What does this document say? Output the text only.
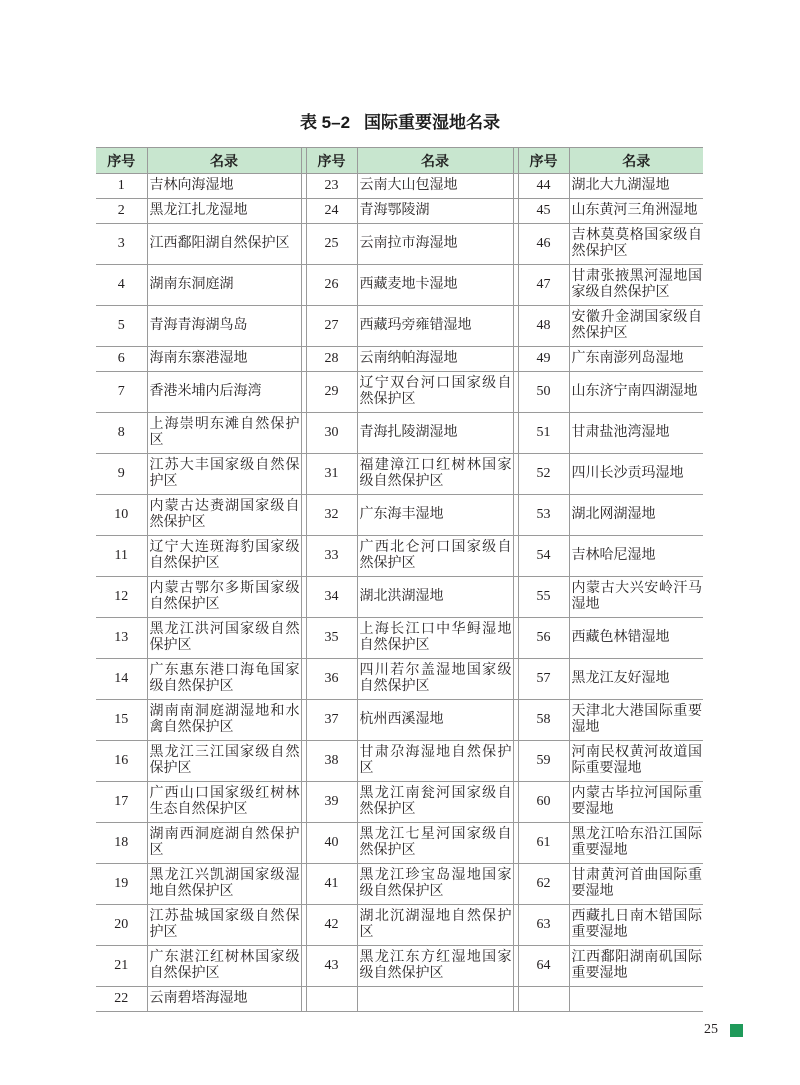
表 5–2 国际重要湿地名录
序号	名录		序号	名录		序号	名录
1	吉林向海湿地		23	云南大山包湿地		44	湖北大九湖湿地
2	黑龙江扎龙湿地		24	青海鄂陵湖		45	山东黄河三角洲湿地
3	江西鄱阳湖自然保护区		25	云南拉市海湿地		46	吉林莫莫格国家级自然保护区
4	湖南东洞庭湖		26	西藏麦地卡湿地		47	甘肃张掖黑河湿地国家级自然保护区
5	青海青海湖鸟岛		27	西藏玛旁雍错湿地		48	安徽升金湖国家级自然保护区
6	海南东寨港湿地		28	云南纳帕海湿地		49	广东南澎列岛湿地
7	香港米埔内后海湾		29	辽宁双台河口国家级自然保护区		50	山东济宁南四湖湿地
8	上海崇明东滩自然保护区		30	青海扎陵湖湿地		51	甘肃盐池湾湿地
9	江苏大丰国家级自然保护区		31	福建漳江口红树林国家级自然保护区		52	四川长沙贡玛湿地
10	内蒙古达赉湖国家级自然保护区		32	广东海丰湿地		53	湖北网湖湿地
11	辽宁大连斑海豹国家级自然保护区		33	广西北仑河口国家级自然保护区		54	吉林哈尼湿地
12	内蒙古鄂尔多斯国家级自然保护区		34	湖北洪湖湿地		55	内蒙古大兴安岭汗马湿地
13	黑龙江洪河国家级自然保护区		35	上海长江口中华鲟湿地自然保护区		56	西藏色林错湿地
14	广东惠东港口海龟国家级自然保护区		36	四川若尔盖湿地国家级自然保护区		57	黑龙江友好湿地
15	湖南南洞庭湖湿地和水禽自然保护区		37	杭州西溪湿地		58	天津北大港国际重要湿地
16	黑龙江三江国家级自然保护区		38	甘肃尕海湿地自然保护区		59	河南民权黄河故道国际重要湿地
17	广西山口国家级红树林生态自然保护区		39	黑龙江南瓮河国家级自然保护区		60	内蒙古毕拉河国际重要湿地
18	湖南西洞庭湖自然保护区		40	黑龙江七星河国家级自然保护区		61	黑龙江哈东沿江国际重要湿地
19	黑龙江兴凯湖国家级湿地自然保护区		41	黑龙江珍宝岛湿地国家级自然保护区		62	甘肃黄河首曲国际重要湿地
20	江苏盐城国家级自然保护区		42	湖北沉湖湿地自然保护区		63	西藏扎日南木错国际重要湿地
21	广东湛江红树林国家级自然保护区		43	黑龙江东方红湿地国家级自然保护区		64	江西鄱阳湖南矶国际重要湿地
22	云南碧塔海湿地						
25
